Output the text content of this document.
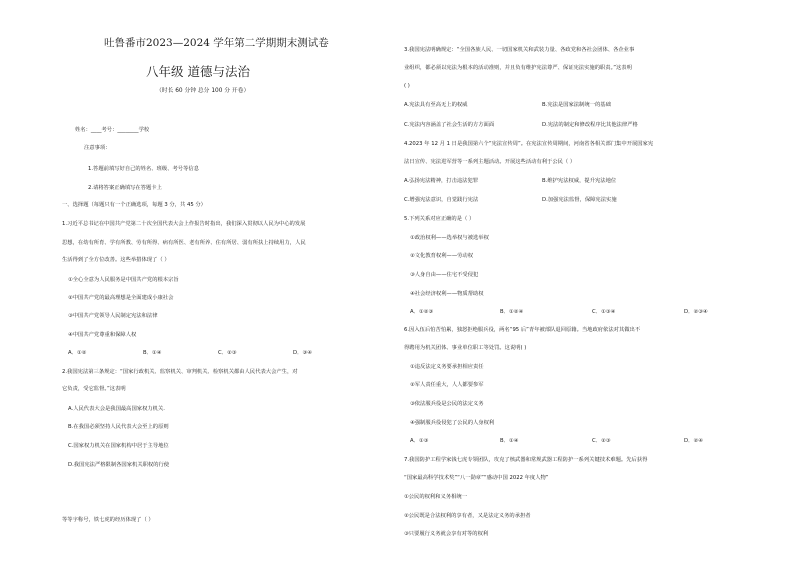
吐鲁番市2023—2024 学年第二学期期末测试卷
八年级 道德与法治
（时长 60 分钟 总分 100 分 开卷）
姓名：____考号：________学校
注意事项：
1.答题前填写好自己的姓名、班级、考号等信息
2.请将答案正确填写在答题卡上
一、选择题（每题只有一个正确选项，每题 3 分，共 45 分）
1.习近平总书记在中国共产党第二十次全国代表大会上作报告时指出，我们深入贯彻以人民为中心的发展
思想，在幼有所育、学有所教、劳有所得、病有所医、老有所养、住有所居、弱有所扶上持续用力，人民
生活得到了全方位改善。这些举措体现了（ ）
①全心全意为人民服务是中国共产党的根本宗旨
②中国共产党的最高理想是全面建成小康社会
③中国共产党领导人民制定宪法和法律
④中国共产党尊重和保障人权
A．①②	B．①④	C．②③	D．③④
2.我国宪法第三条规定：“国家行政机关、监察机关、审判机关、检察机关都由人民代表大会产生，对
它负责，受它监督。”这表明
A.人民代表大会是我国最高国家权力机关.
B.在我国必须坚持人民代表大会至上的原则
C.国家权力机关在国家机构中居于主导地位
D.我国宪法严格限制各国家机关职权的行使
等等字称号，铁七虎的经历体现了（ ）
3.我国宪法明确规定：“全国各族人民、一切国家机关和武装力量、各政党和各社会团体、各企业事
业组织，都必须以宪法为根本的活动准则，并且负有维护宪法尊严、保证宪法实施的职责。”这表明
( )
A.宪法具有至高无上的权威	B.宪法是国家法制统一的基础
C.宪法内容涵盖了社会生活的方方面面	D.宪法的制定和修改程序比其他法律严格
4.2023 年 12 月 1 日是我国第六个“宪法宣传周”。在宪法宣传周期间，河南省各相关部门集中开展国家宪
法日宣传、宪法进军营等一系列主题活动。开展这些活动有利于公民（ ）
A.弘扬宪法精神，打击违法犯罪	B.维护宪法权威，提升宪法地位
C.增强宪法意识，自觉践行宪法	D.加强宪法监督，保障宪法实施
5.下列关系对应正确的是（ ）
①政治权利——选举权与被选举权
②文化教育权利——劳动权
③人身自由——住宅不受侵犯
④社会经济权利——物质帮助权
A．①②③	B．①②④	C．①③④	D．②③④
6.因入伍后怕苦怕累，独怒拒绝服兵役，两名“95 后”青年被部队退回原籍。当地政府依法对其做出不
得聘用为机关团体、事业单位职工等处罚。这说明( )
①违反法定义务要承担相应责任
②军人责任重大，人人都要参军
③依法服兵役是公民的法定义务
④强制服兵役侵犯了公民的人身权利
A．①③	B．①④	C．②③	D．②④
7.我国防护工程学家钱七虎专领团队，攻克了核武器和常规武器工程防护一系列关键技术难题。先后获得
“国家最高科学技术奖”“八一勋章”“感动中国 2022 年度人物”
①公民的权利和义务相统一
②公民既是合法权利的享有者，又是法定义务的承担者
③只要履行义务就会享有对等的权利
